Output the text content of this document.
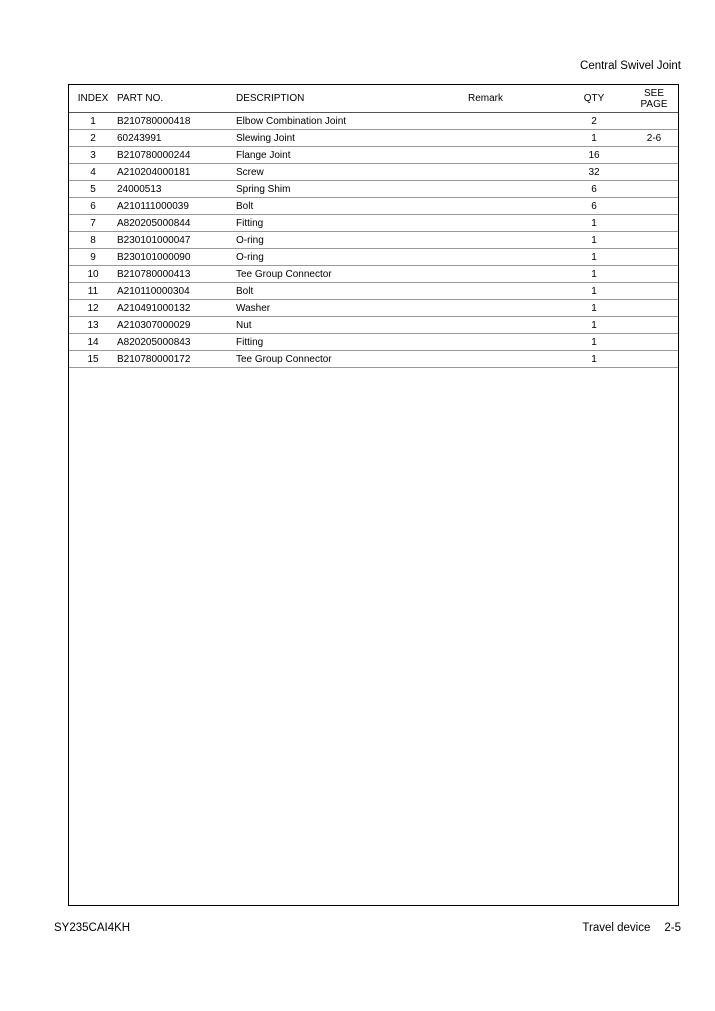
Central Swivel Joint
INDEX	PART NO.	DESCRIPTION	Remark	QTY	SEE
PAGE

1	B210780000418	Elbow Combination Joint		2	
2	60243991	Slewing Joint		1	2-6
3	B210780000244	Flange Joint		16	
4	A210204000181	Screw		32	
5	24000513	Spring Shim		6	
6	A210111000039	Bolt		6	
7	A820205000844	Fitting		1	
8	B230101000047	O-ring		1	
9	B230101000090	O-ring		1	
10	B210780000413	Tee Group Connector		1	
11	A210110000304	Bolt		1	
12	A210491000132	Washer		1	
13	A210307000029	Nut		1	
14	A820205000843	Fitting		1	
15	B210780000172	Tee Group Connector		1	
SY235CAI4KH	Travel device 2-5
